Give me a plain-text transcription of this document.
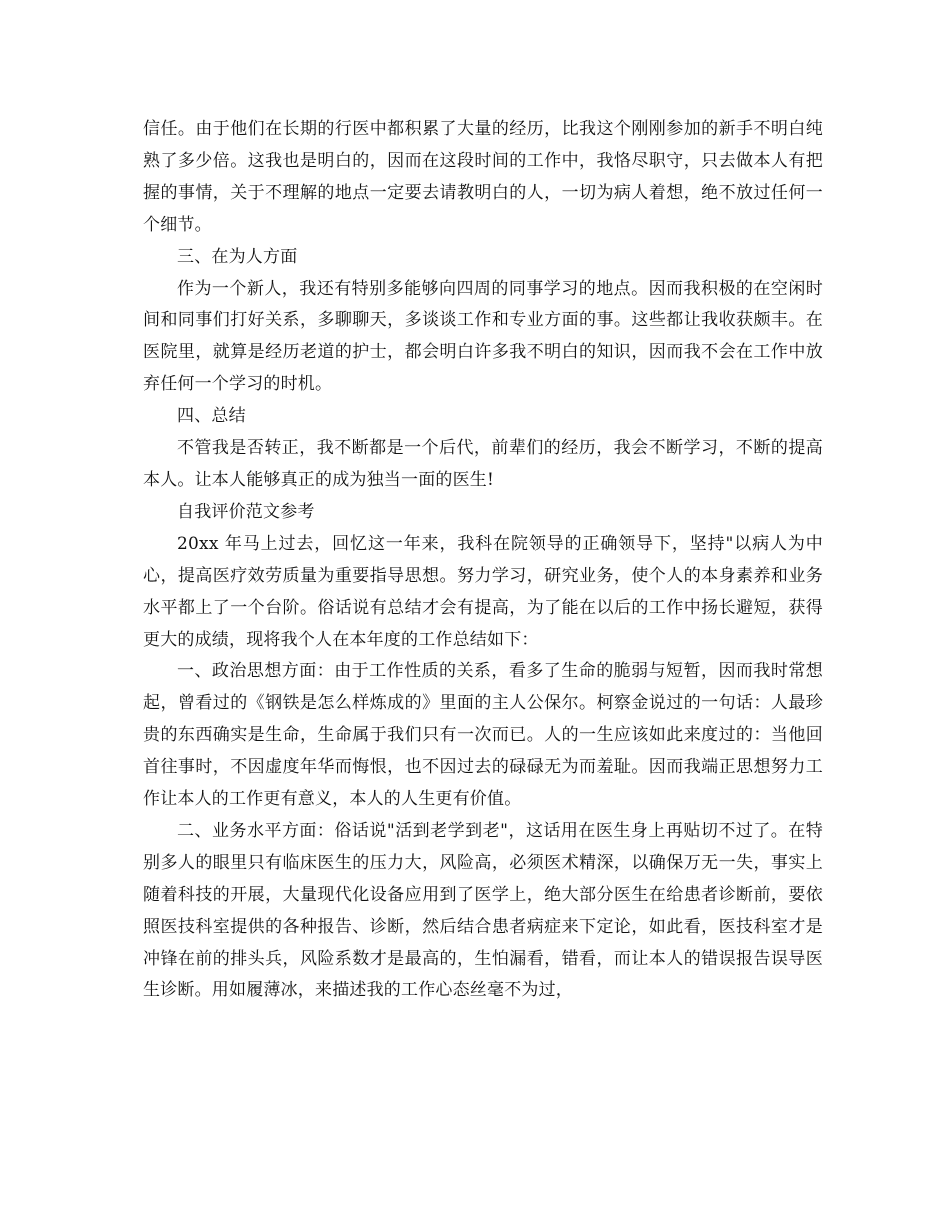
信任。由于他们在长期的行医中都积累了大量的经历，比我这个刚刚参加的新手不明白纯熟了多少倍。这我也是明白的，因而在这段时间的工作中，我恪尽职守，只去做本人有把握的事情，关于不理解的地点一定要去请教明白的人，一切为病人着想，绝不放过任何一个细节。

三、在为人方面

作为一个新人，我还有特别多能够向四周的同事学习的地点。因而我积极的在空闲时间和同事们打好关系，多聊聊天，多谈谈工作和专业方面的事。这些都让我收获颇丰。在医院里，就算是经历老道的护士，都会明白许多我不明白的知识，因而我不会在工作中放弃任何一个学习的时机。

四、总结

不管我是否转正，我不断都是一个后代，前辈们的经历，我会不断学习，不断的提高本人。让本人能够真正的成为独当一面的医生!

自我评价范文参考

20xx 年马上过去，回忆这一年来，我科在院领导的正确领导下，坚持"以病人为中心，提高医疗效劳质量为重要指导思想。努力学习，研究业务，使个人的本身素养和业务水平都上了一个台阶。俗话说有总结才会有提高，为了能在以后的工作中扬长避短，获得更大的成绩，现将我个人在本年度的工作总结如下：

一、政治思想方面：由于工作性质的关系，看多了生命的脆弱与短暂，因而我时常想起，曾看过的《钢铁是怎么样炼成的》里面的主人公保尔。柯察金说过的一句话：人最珍贵的东西确实是生命，生命属于我们只有一次而已。人的一生应该如此来度过的：当他回首往事时，不因虚度年华而悔恨，也不因过去的碌碌无为而羞耻。因而我端正思想努力工作让本人的工作更有意义，本人的人生更有价值。

二、业务水平方面：俗话说"活到老学到老"，这话用在医生身上再贴切不过了。在特别多人的眼里只有临床医生的压力大，风险高，必须医术精深，以确保万无一失，事实上随着科技的开展，大量现代化设备应用到了医学上，绝大部分医生在给患者诊断前，要依照医技科室提供的各种报告、诊断，然后结合患者病症来下定论，如此看，医技科室才是冲锋在前的排头兵，风险系数才是最高的，生怕漏看，错看，而让本人的错误报告误导医生诊断。用如履薄冰，来描述我的工作心态丝毫不为过，
